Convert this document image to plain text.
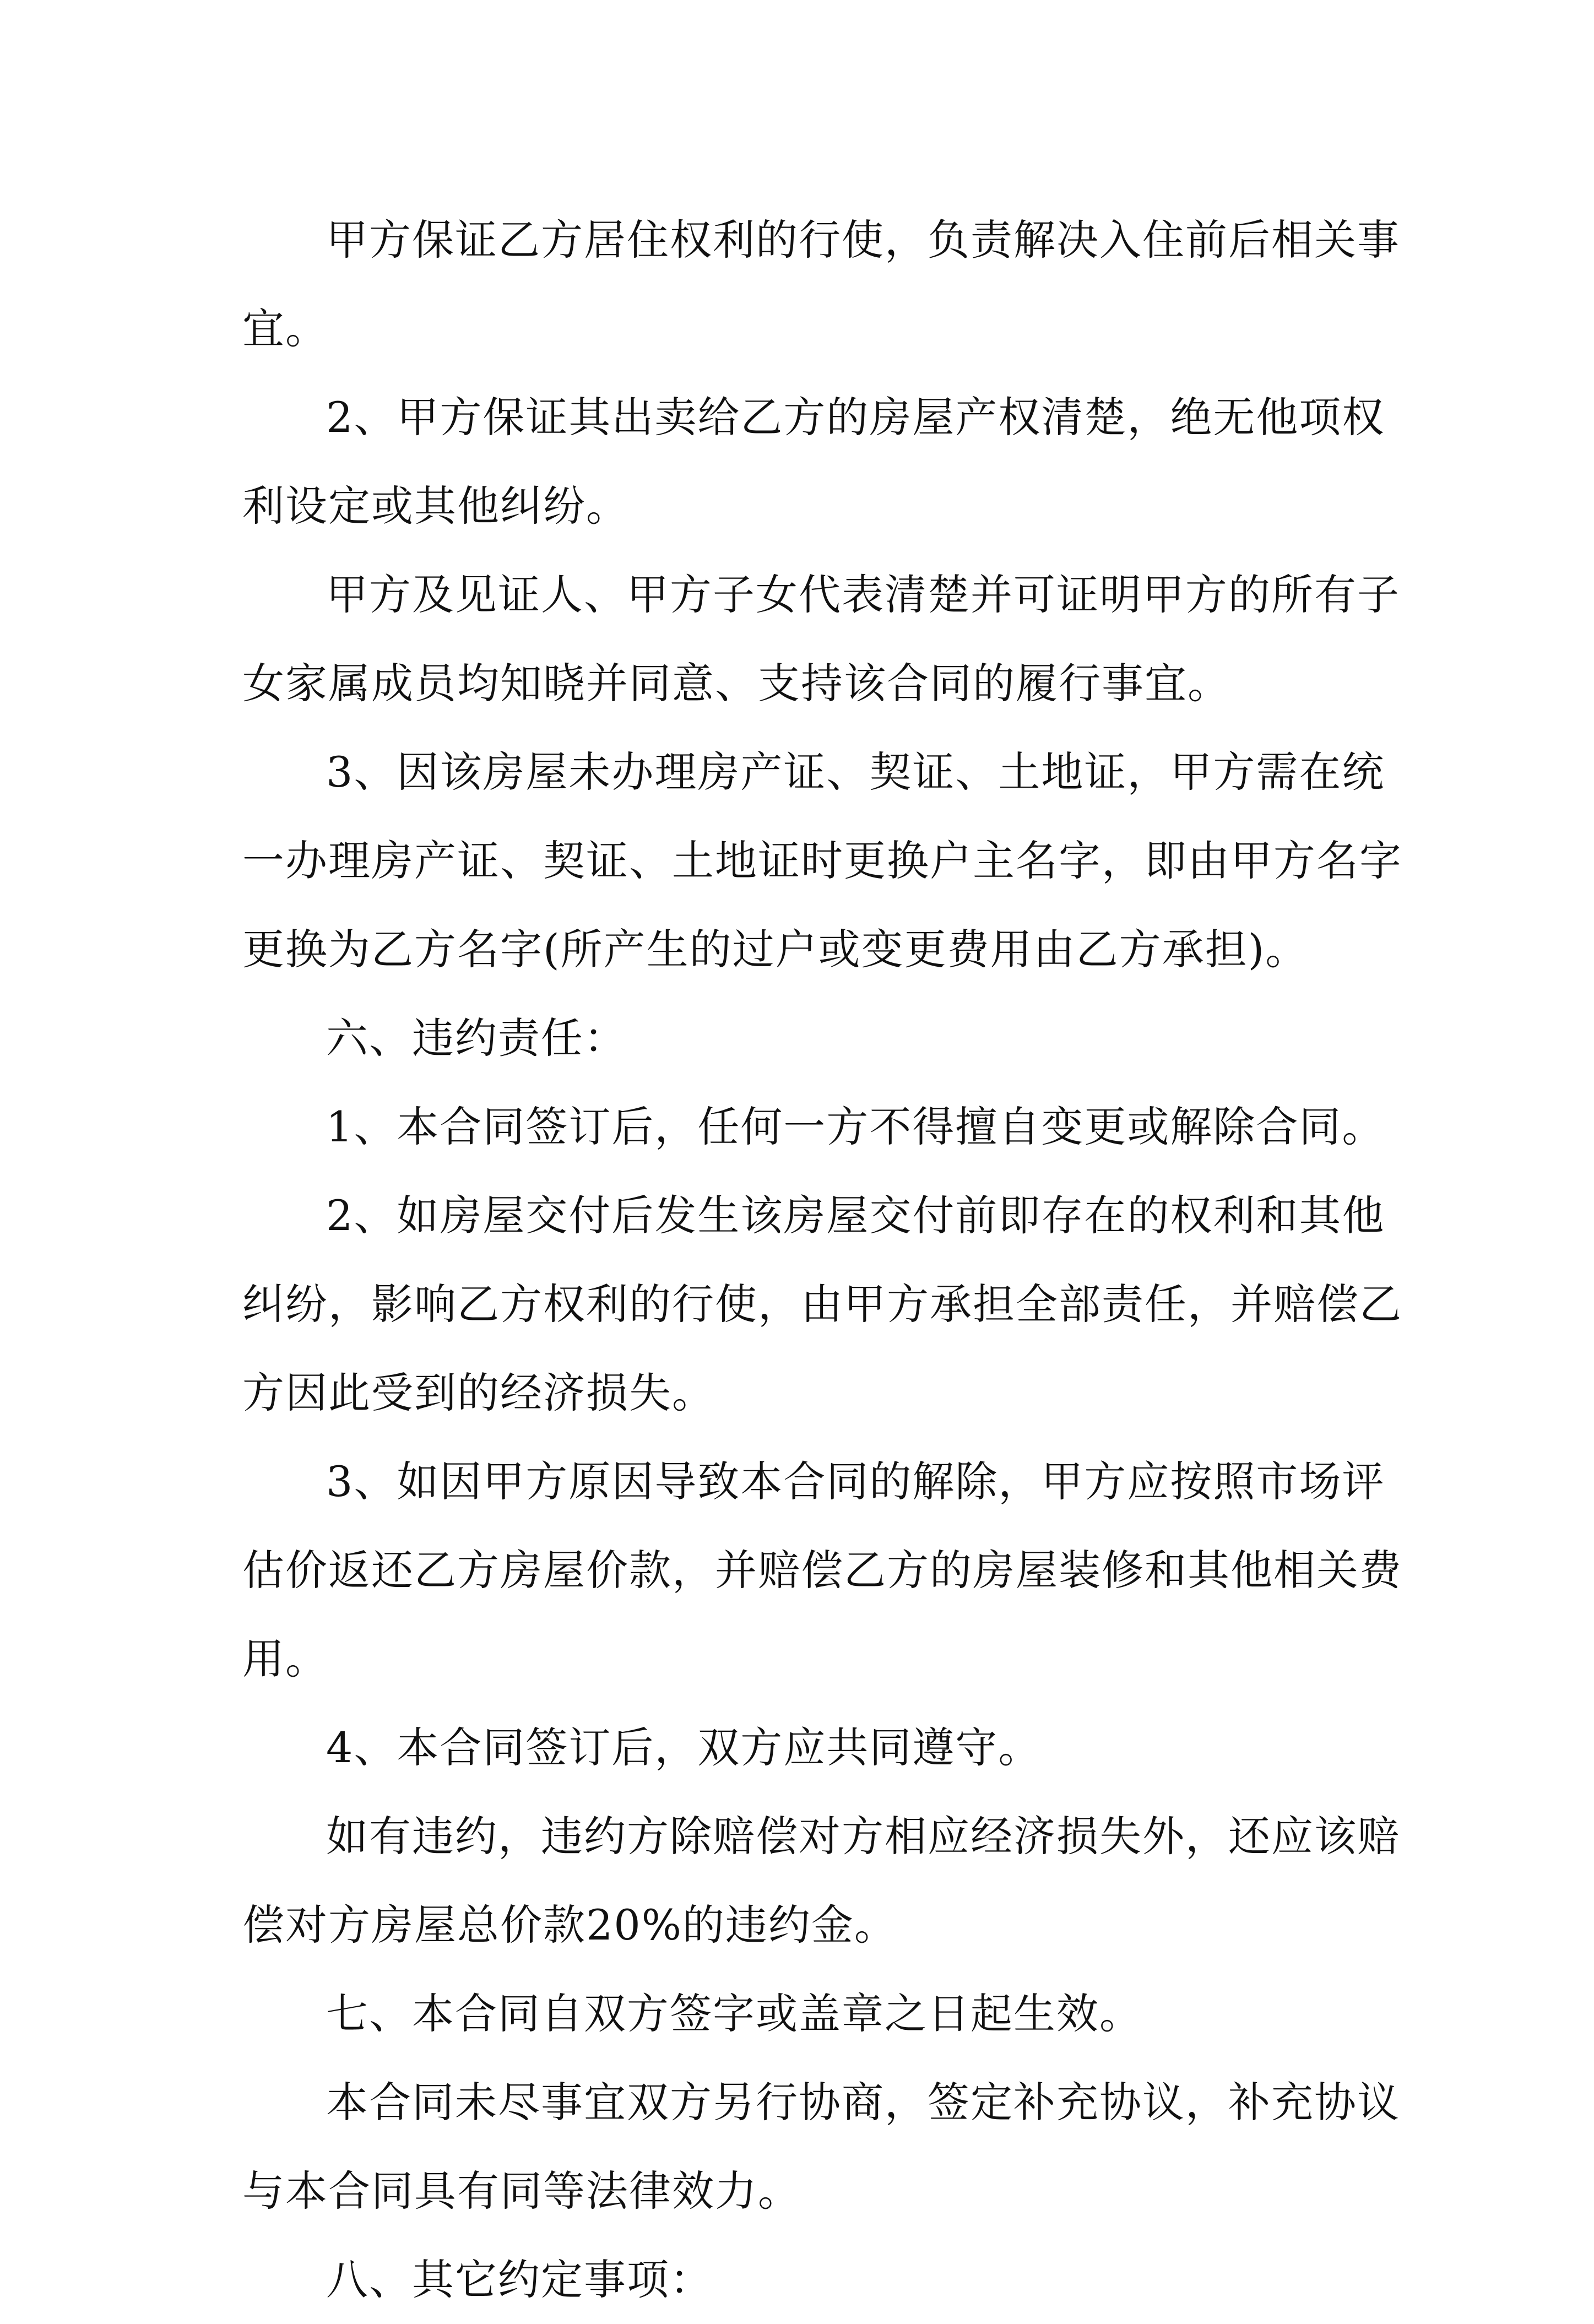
甲方保证乙方居住权利的行使，负责解决入住前后相关事宜。

2、甲方保证其出卖给乙方的房屋产权清楚，绝无他项权利设定或其他纠纷。

甲方及见证人、甲方子女代表清楚并可证明甲方的所有子女家属成员均知晓并同意、支持该合同的履行事宜。

3、因该房屋未办理房产证、契证、土地证，甲方需在统一办理房产证、契证、土地证时更换户主名字，即由甲方名字更换为乙方名字(所产生的过户或变更费用由乙方承担)。

六、违约责任：

1、本合同签订后，任何一方不得擅自变更或解除合同。

2、如房屋交付后发生该房屋交付前即存在的权利和其他纠纷，影响乙方权利的行使，由甲方承担全部责任，并赔偿乙方因此受到的经济损失。

3、如因甲方原因导致本合同的解除，甲方应按照市场评估价返还乙方房屋价款，并赔偿乙方的房屋装修和其他相关费用。

4、本合同签订后，双方应共同遵守。

如有违约，违约方除赔偿对方相应经济损失外，还应该赔偿对方房屋总价款20%的违约金。

七、本合同自双方签字或盖章之日起生效。

本合同未尽事宜双方另行协商，签定补充协议，补充协议与本合同具有同等法律效力。

八、其它约定事项：
